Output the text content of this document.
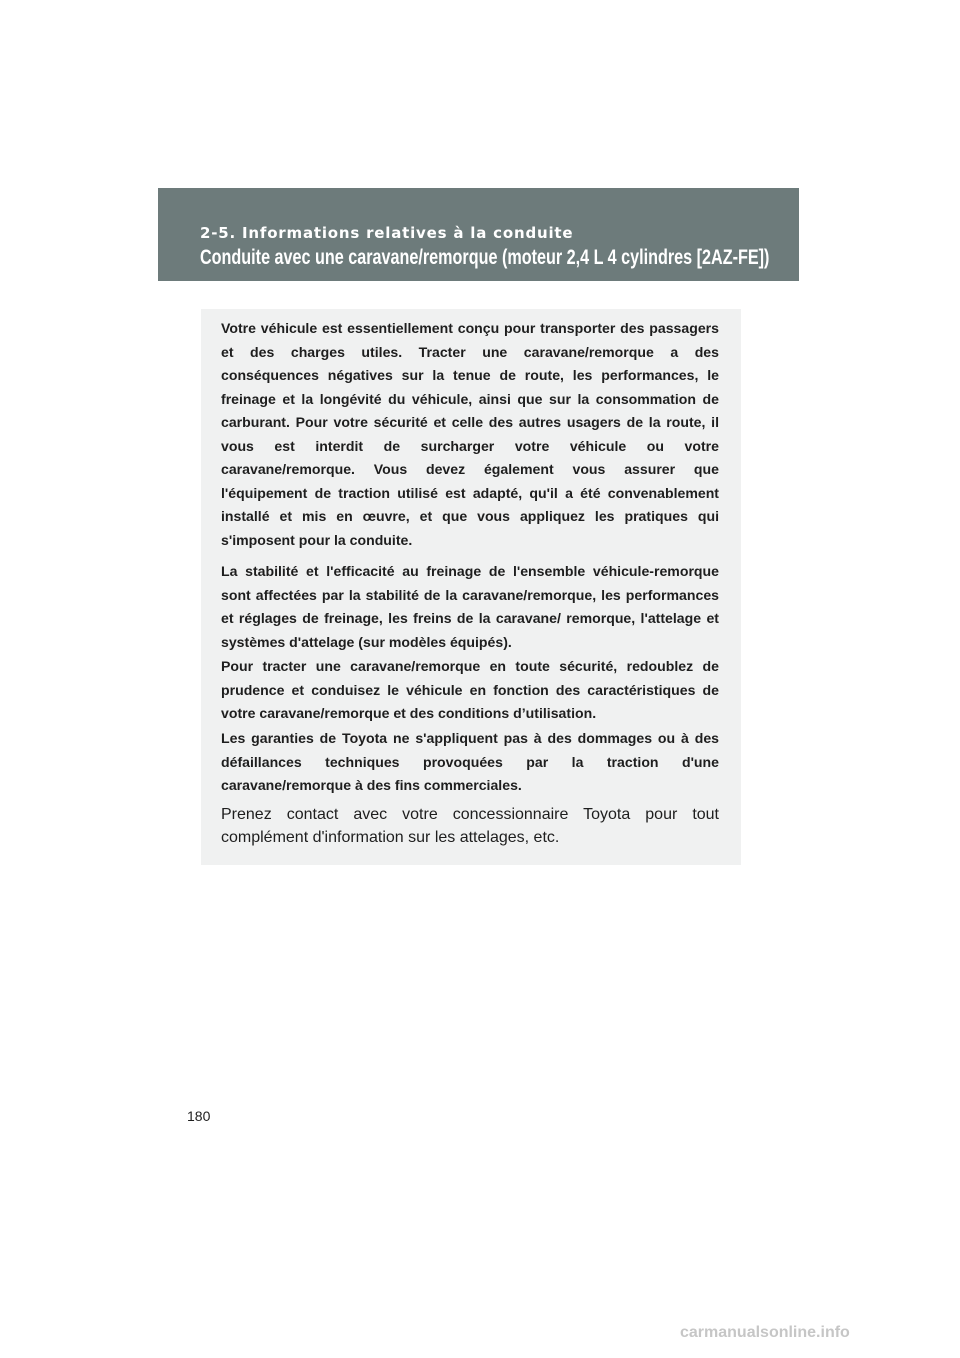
2-5. Informations relatives à la conduite
Conduite avec une caravane/remorque (moteur 2,4 L 4 cylindres [2AZ-FE])

Votre véhicule est essentiellement conçu pour transporter des passagers et des charges utiles. Tracter une caravane/remorque a des conséquences négatives sur la tenue de route, les performances, le freinage et la longévité du véhicule, ainsi que sur la consommation de carburant. Pour votre sécurité et celle des autres usagers de la route, il vous est interdit de surcharger votre véhicule ou votre caravane/remorque. Vous devez également vous assurer que l'équipement de traction utilisé est adapté, qu'il a été convenablement installé et mis en œuvre, et que vous appliquez les pratiques qui s'imposent pour la conduite.

La stabilité et l'efficacité au freinage de l'ensemble véhicule-remorque sont affectées par la stabilité de la caravane/remorque, les performances et réglages de freinage, les freins de la caravane/ remorque, l'attelage et systèmes d'attelage (sur modèles équipés).

Pour tracter une caravane/remorque en toute sécurité, redoublez de prudence et conduisez le véhicule en fonction des caractéristiques de votre caravane/remorque et des conditions d’utilisation.

Les garanties de Toyota ne s'appliquent pas à des dommages ou à des défaillances techniques provoquées par la traction d'une caravane/remorque à des fins commerciales.

Prenez contact avec votre concessionnaire Toyota pour tout complément d'information sur les attelages, etc.

180
carmanualsonline.info
